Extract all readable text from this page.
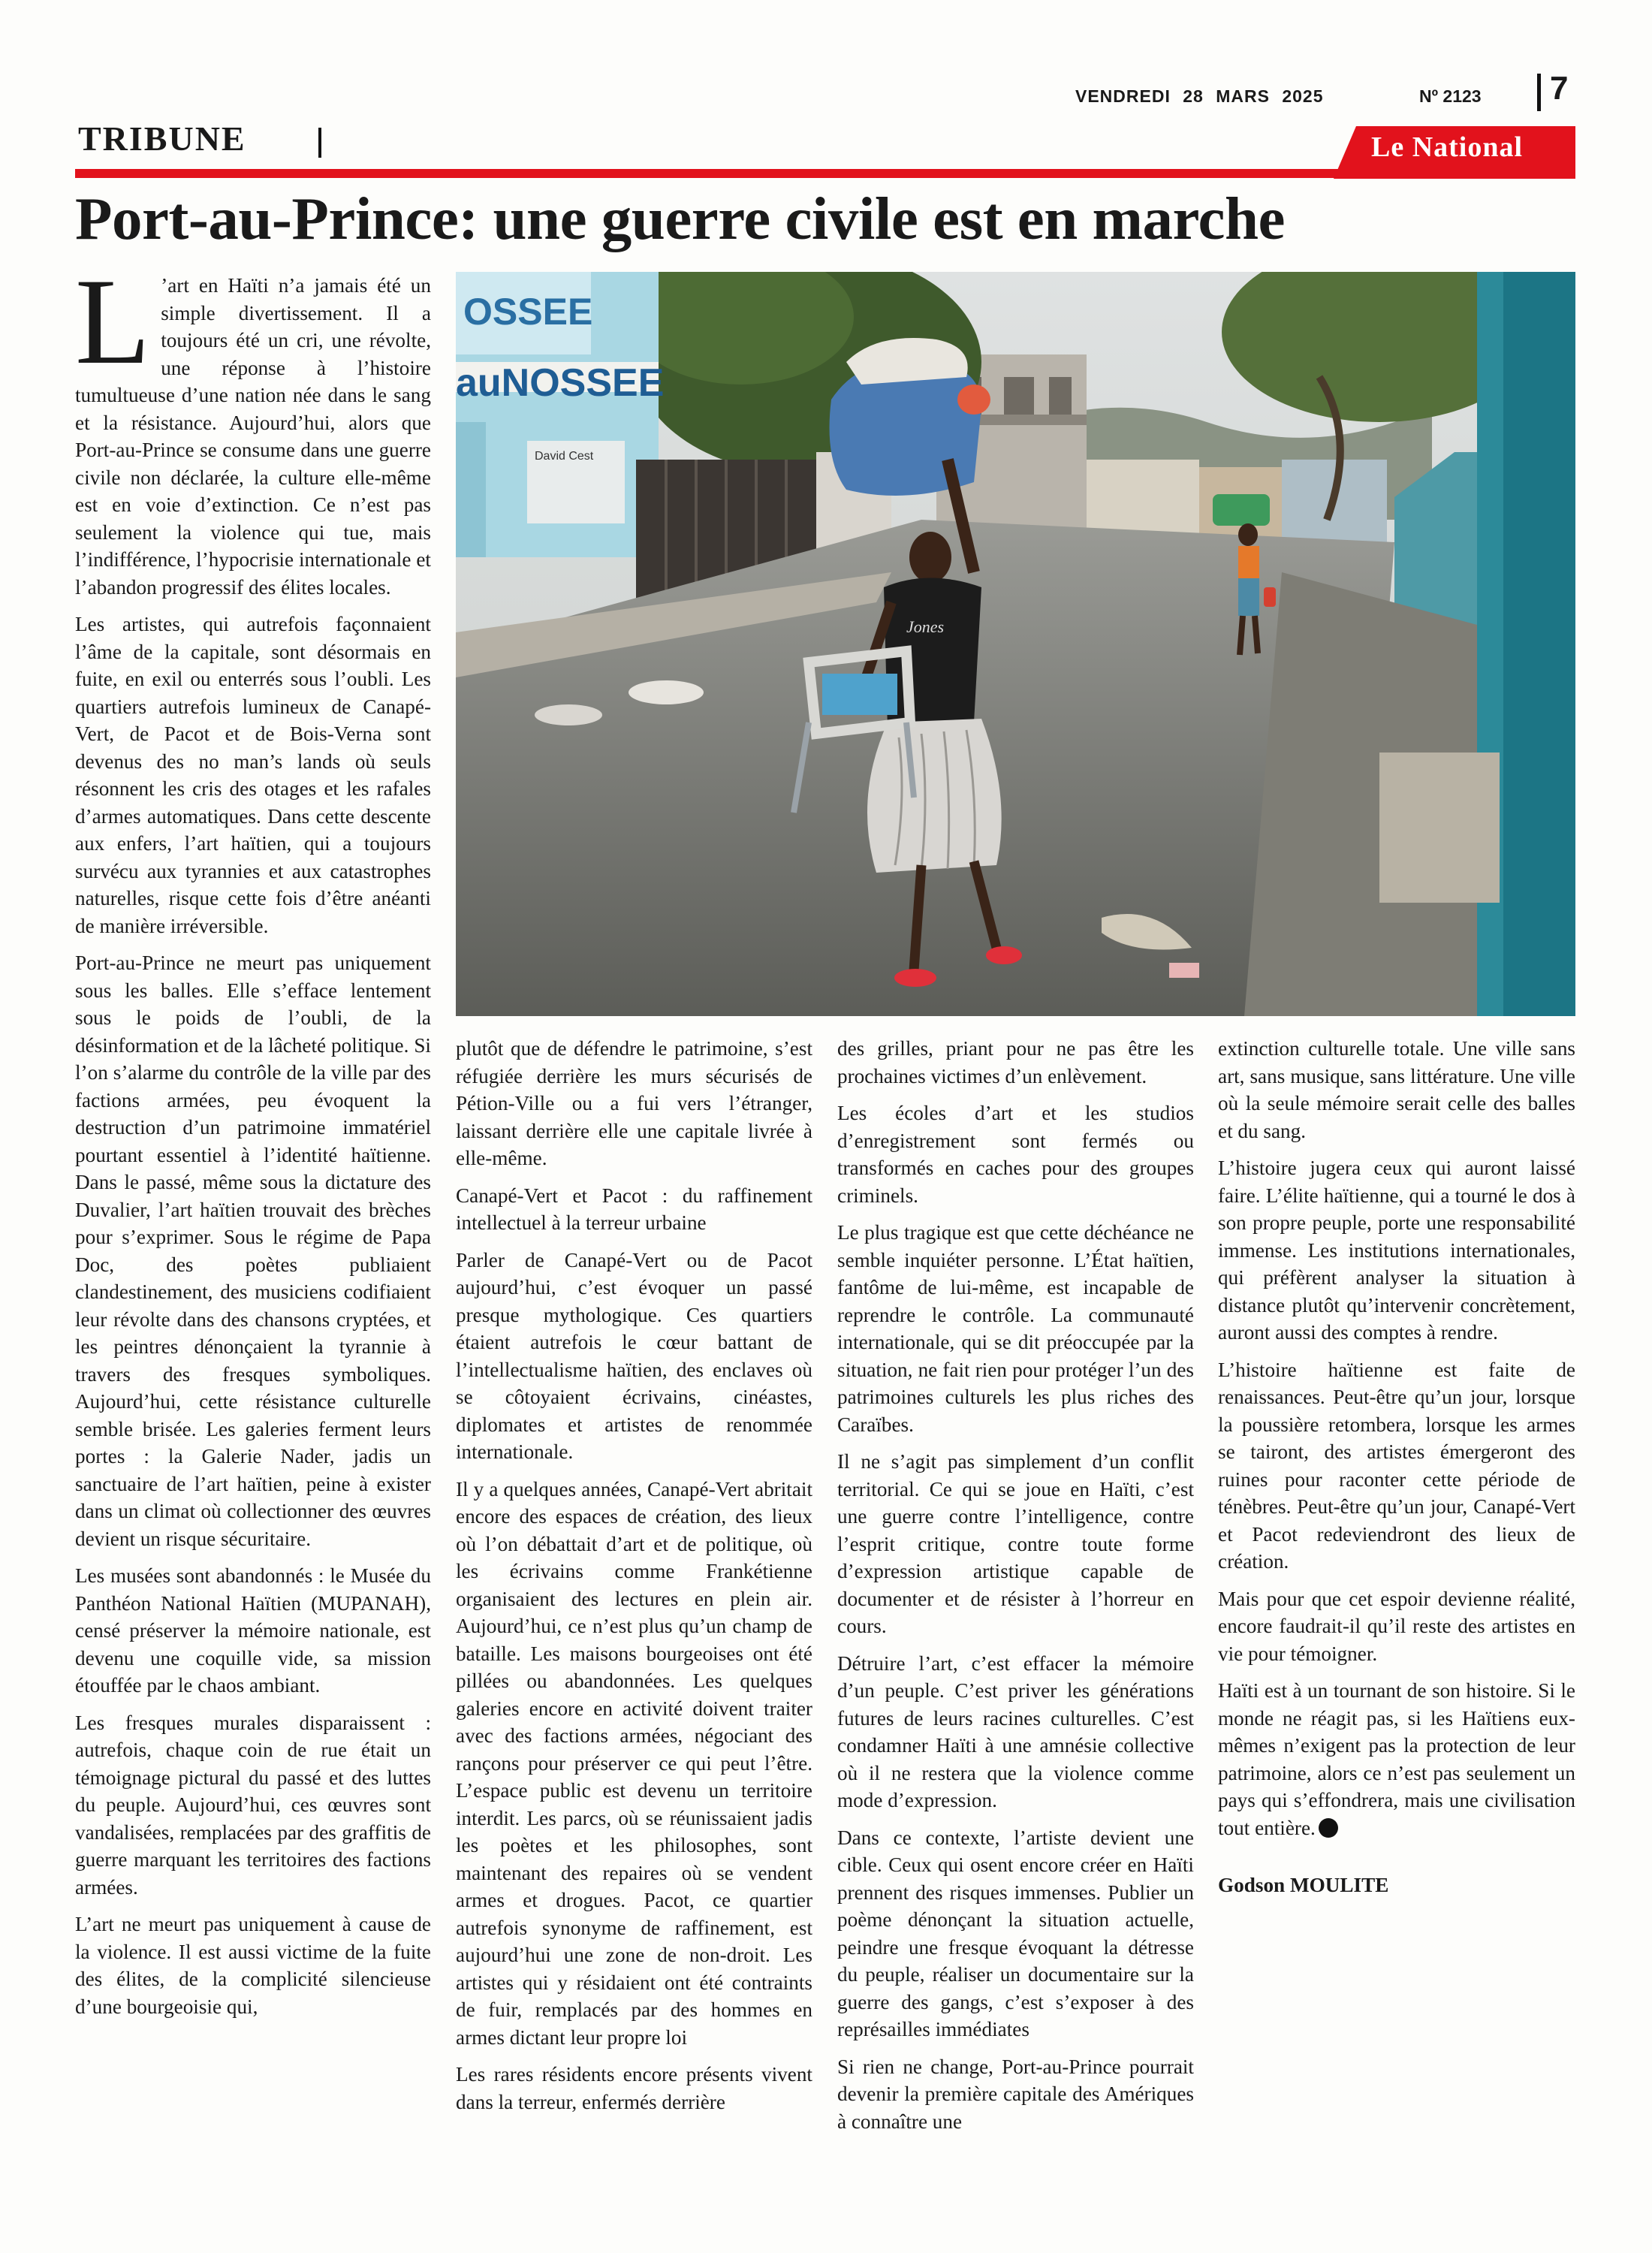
VENDREDI 28 MARS 2025	Nº 2123 7
TRIBUNE	Le National
Port-au-Prince: une guerre civile est en marche

L ’art en Haïti n’a jamais été un simple divertissement. Il a toujours été un cri, une révolte, une réponse à l’histoire tumultueuse d’une nation née dans le sang et la résistance. Aujourd’hui, alors que Port-au-Prince se consume dans une guerre civile non déclarée, la culture elle-même est en voie d’extinction. Ce n’est pas seulement la violence qui tue, mais l’indifférence, l’hypocrisie internationale et l’abandon progressif des élites locales.

Les artistes, qui autrefois façonnaient l’âme de la capitale, sont désormais en fuite, en exil ou enterrés sous l’oubli. Les quartiers autrefois lumineux de Canapé-Vert, de Pacot et de Bois-Verna sont devenus des no man’s lands où seuls résonnent les cris des otages et les rafales d’armes automatiques. Dans cette descente aux enfers, l’art haïtien, qui a toujours survécu aux tyrannies et aux catastrophes naturelles, risque cette fois d’être anéanti de manière irréversible.

Port-au-Prince ne meurt pas uniquement sous les balles. Elle s’efface lentement sous le poids de l’oubli, de la désinformation et de la lâcheté politique. Si l’on s’alarme du contrôle de la ville par des factions armées, peu évoquent la destruction d’un patrimoine immatériel pourtant essentiel à l’identité haïtienne. Dans le passé, même sous la dictature des Duvalier, l’art haïtien trouvait des brèches pour s’exprimer. Sous le régime de Papa Doc, des poètes publiaient clandestinement, des musiciens codifiaient leur révolte dans des chansons cryptées, et les peintres dénonçaient la tyrannie à travers des fresques symboliques. Aujourd’hui, cette résistance culturelle semble brisée. Les galeries ferment leurs portes : la Galerie Nader, jadis un sanctuaire de l’art haïtien, peine à exister dans un climat où collectionner des œuvres devient un risque sécuritaire.

Les musées sont abandonnés : le Musée du Panthéon National Haïtien (MUPANAH), censé préserver la mémoire nationale, est devenu une coquille vide, sa mission étouffée par le chaos ambiant.

Les fresques murales disparaissent : autrefois, chaque coin de rue était un témoignage pictural du passé et des luttes du peuple. Aujourd’hui, ces œuvres sont vandalisées, remplacées par des graffitis de guerre marquant les territoires des factions armées.

L’art ne meurt pas uniquement à cause de la violence. Il est aussi victime de la fuite des élites, de la complicité silencieuse d’une bourgeoisie qui,

OSSEE
auNOSSEE
David Cest
Jones

plutôt que de défendre le patrimoine, s’est réfugiée derrière les murs sécurisés de Pétion-Ville ou a fui vers l’étranger, laissant derrière elle une capitale livrée à elle-même.

Canapé-Vert et Pacot : du raffinement intellectuel à la terreur urbaine

Parler de Canapé-Vert ou de Pacot aujourd’hui, c’est évoquer un passé presque mythologique. Ces quartiers étaient autrefois le cœur battant de l’intellectualisme haïtien, des enclaves où se côtoyaient écrivains, cinéastes, diplomates et artistes de renommée internationale.

Il y a quelques années, Canapé-Vert abritait encore des espaces de création, des lieux où l’on débattait d’art et de politique, où les écrivains comme Frankétienne organisaient des lectures en plein air. Aujourd’hui, ce n’est plus qu’un champ de bataille. Les maisons bourgeoises ont été pillées ou abandonnées. Les quelques galeries encore en activité doivent traiter avec des factions armées, négociant des rançons pour préserver ce qui peut l’être. L’espace public est devenu un territoire interdit. Les parcs, où se réunissaient jadis les poètes et les philosophes, sont maintenant des repaires où se vendent armes et drogues. Pacot, ce quartier autrefois synonyme de raffinement, est aujourd’hui une zone de non-droit. Les artistes qui y résidaient ont été contraints de fuir, remplacés par des hommes en armes dictant leur propre loi

Les rares résidents encore présents vivent dans la terreur, enfermés derrière

des grilles, priant pour ne pas être les prochaines victimes d’un enlèvement.

Les écoles d’art et les studios d’enregistrement sont fermés ou transformés en caches pour des groupes criminels.

Le plus tragique est que cette déchéance ne semble inquiéter personne. L’État haïtien, fantôme de lui-même, est incapable de reprendre le contrôle. La communauté internationale, qui se dit préoccupée par la situation, ne fait rien pour protéger l’un des patrimoines culturels les plus riches des Caraïbes.

Il ne s’agit pas simplement d’un conflit territorial. Ce qui se joue en Haïti, c’est une guerre contre l’intelligence, contre l’esprit critique, contre toute forme d’expression artistique capable de documenter et de résister à l’horreur en cours.

Détruire l’art, c’est effacer la mémoire d’un peuple. C’est priver les générations futures de leurs racines culturelles. C’est condamner Haïti à une amnésie collective où il ne restera que la violence comme mode d’expression.

Dans ce contexte, l’artiste devient une cible. Ceux qui osent encore créer en Haïti prennent des risques immenses. Publier un poème dénonçant la situation actuelle, peindre une fresque évoquant la détresse du peuple, réaliser un documentaire sur la guerre des gangs, c’est s’exposer à des représailles immédiates

Si rien ne change, Port-au-Prince pourrait devenir la première capitale des Amériques à connaître une

extinction culturelle totale. Une ville sans art, sans musique, sans littérature. Une ville où la seule mémoire serait celle des balles et du sang.

L’histoire jugera ceux qui auront laissé faire. L’élite haïtienne, qui a tourné le dos à son propre peuple, porte une responsabilité immense. Les institutions internationales, qui préfèrent analyser la situation à distance plutôt qu’intervenir concrètement, auront aussi des comptes à rendre.

L’histoire haïtienne est faite de renaissances. Peut-être qu’un jour, lorsque la poussière retombera, lorsque les armes se tairont, des artistes émergeront des ruines pour raconter cette période de ténèbres. Peut-être qu’un jour, Canapé-Vert et Pacot redeviendront des lieux de création.

Mais pour que cet espoir devienne réalité, encore faudrait-il qu’il reste des artistes en vie pour témoigner.

Haïti est à un tournant de son histoire. Si le monde ne réagit pas, si les Haïtiens eux-mêmes n’exigent pas la protection de leur patrimoine, alors ce n’est pas seulement un pays qui s’effondrera, mais une civilisation tout entière.

Godson MOULITE
